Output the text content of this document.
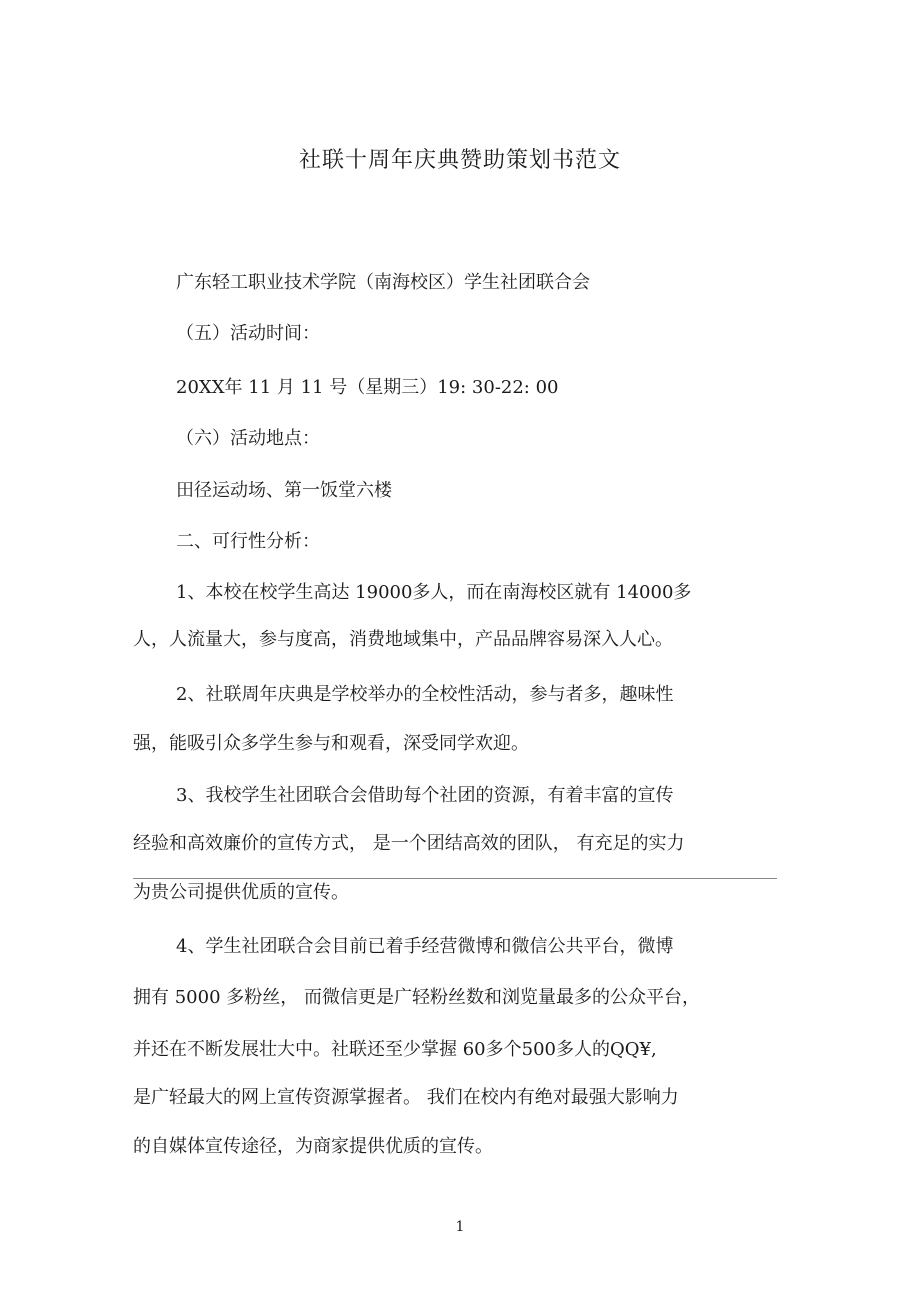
社联十周年庆典赞助策划书范文
广东轻工职业技术学院（南海校区）学生社团联合会
（五）活动时间：
20XX年 11 月 11 号（星期三）19: 30-22: 00
（六）活动地点：
田径运动场、第一饭堂六楼
二、可行性分析：
1、本校在校学生高达 19000多人，而在南海校区就有 14000多
人，人流量大，参与度高，消费地域集中，产品品牌容易深入人心。
2、社联周年庆典是学校举办的全校性活动，参与者多，趣味性
强，能吸引众多学生参与和观看，深受同学欢迎。
3、我校学生社团联合会借助每个社团的资源，有着丰富的宣传
经验和高效廉价的宣传方式， 是一个团结高效的团队， 有充足的实力
为贵公司提供优质的宣传。
4、学生社团联合会目前已着手经营微博和微信公共平台，微博
拥有 5000 多粉丝， 而微信更是广轻粉丝数和浏览量最多的公众平台，
并还在不断发展壮大中。社联还至少掌握 60多个500多人的QQ¥,
是广轻最大的网上宣传资源掌握者。 我们在校内有绝对最强大影响力
的自媒体宣传途径，为商家提供优质的宣传。
1
